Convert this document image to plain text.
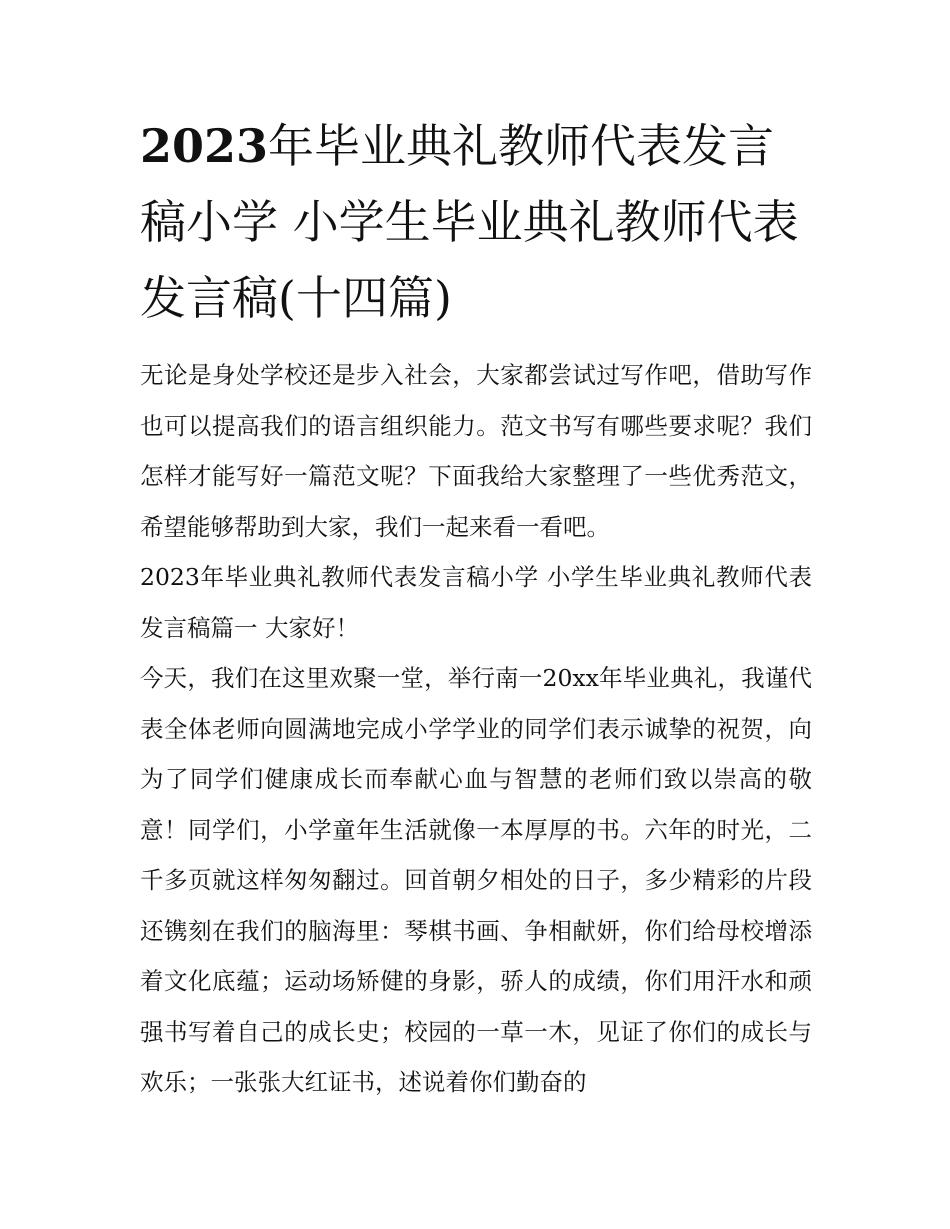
2023年毕业典礼教师代表发言稿小学 小学生毕业典礼教师代表发言稿(十四篇)

无论是身处学校还是步入社会，大家都尝试过写作吧，借助写作也可以提高我们的语言组织能力。范文书写有哪些要求呢？我们怎样才能写好一篇范文呢？下面我给大家整理了一些优秀范文，希望能够帮助到大家，我们一起来看一看吧。

2023年毕业典礼教师代表发言稿小学 小学生毕业典礼教师代表发言稿篇一 大家好！

今天，我们在这里欢聚一堂，举行南一20xx年毕业典礼，我谨代表全体老师向圆满地完成小学学业的同学们表示诚挚的祝贺，向为了同学们健康成长而奉献心血与智慧的老师们致以崇高的敬意！同学们，小学童年生活就像一本厚厚的书。六年的时光，二千多页就这样匆匆翻过。回首朝夕相处的日子，多少精彩的片段还镌刻在我们的脑海里：琴棋书画、争相献妍，你们给母校增添着文化底蕴；运动场矫健的身影，骄人的成绩，你们用汗水和顽强书写着自己的成长史；校园的一草一木，见证了你们的成长与欢乐；一张张大红证书，述说着你们勤奋的
